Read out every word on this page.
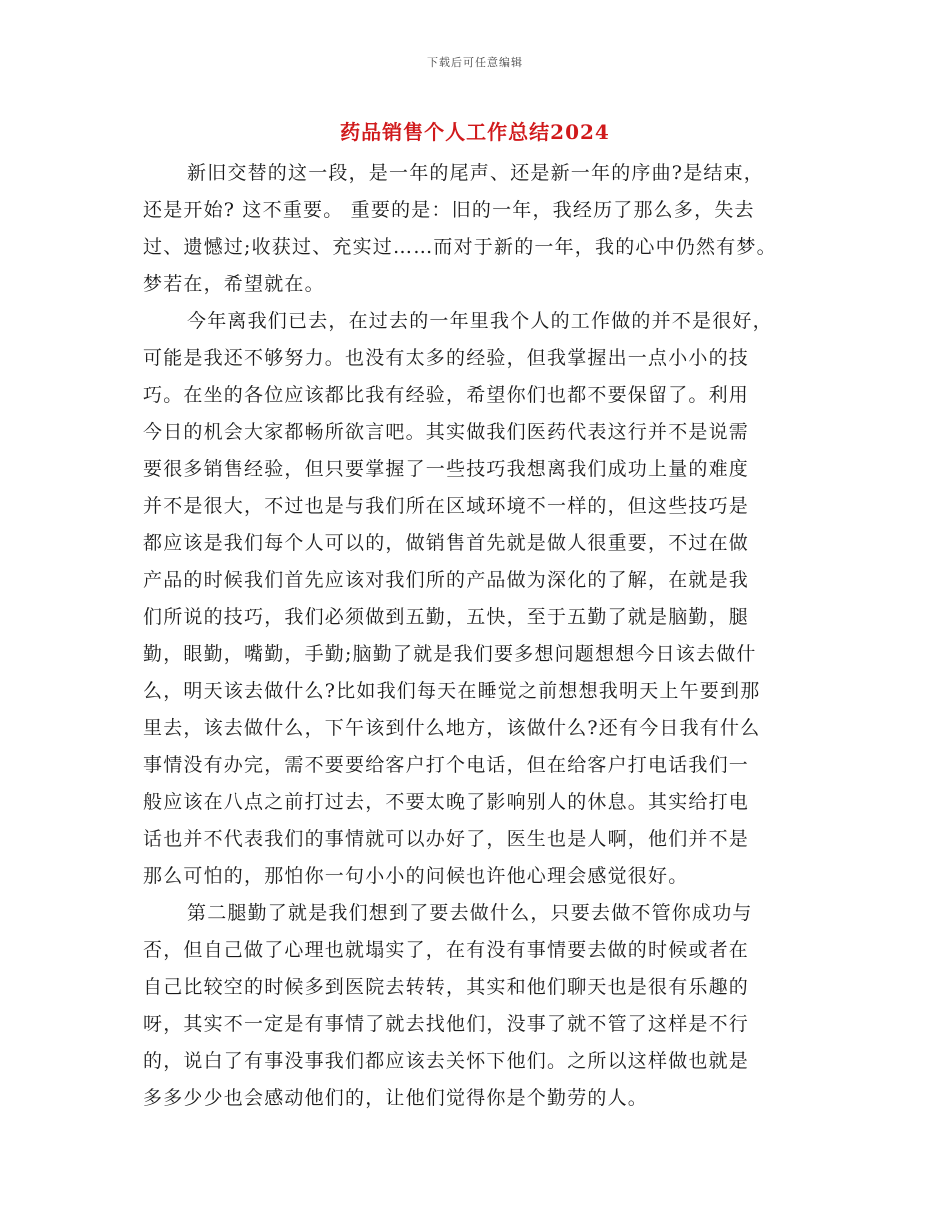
下载后可任意编辑
药品销售个人工作总结2024
新旧交替的这一段，是一年的尾声、还是新一年的序曲?是结束，
还是开始? 这不重要。 重要的是：旧的一年，我经历了那么多，失去
过、遗憾过;收获过、充实过……而对于新的一年，我的心中仍然有梦。
梦若在，希望就在。
今年离我们已去，在过去的一年里我个人的工作做的并不是很好，
可能是我还不够努力。也没有太多的经验，但我掌握出一点小小的技
巧。在坐的各位应该都比我有经验，希望你们也都不要保留了。利用
今日的机会大家都畅所欲言吧。其实做我们医药代表这行并不是说需
要很多销售经验，但只要掌握了一些技巧我想离我们成功上量的难度
并不是很大，不过也是与我们所在区域环境不一样的，但这些技巧是
都应该是我们每个人可以的，做销售首先就是做人很重要，不过在做
产品的时候我们首先应该对我们所的产品做为深化的了解，在就是我
们所说的技巧，我们必须做到五勤，五快，至于五勤了就是脑勤，腿
勤，眼勤，嘴勤，手勤;脑勤了就是我们要多想问题想想今日该去做什
么，明天该去做什么?比如我们每天在睡觉之前想想我明天上午要到那
里去，该去做什么，下午该到什么地方，该做什么?还有今日我有什么
事情没有办完，需不要要给客户打个电话，但在给客户打电话我们一
般应该在八点之前打过去，不要太晚了影响别人的休息。其实给打电
话也并不代表我们的事情就可以办好了，医生也是人啊，他们并不是
那么可怕的，那怕你一句小小的问候也许他心理会感觉很好。
第二腿勤了就是我们想到了要去做什么，只要去做不管你成功与
否，但自己做了心理也就塌实了，在有没有事情要去做的时候或者在
自己比较空的时候多到医院去转转，其实和他们聊天也是很有乐趣的
呀，其实不一定是有事情了就去找他们，没事了就不管了这样是不行
的，说白了有事没事我们都应该去关怀下他们。之所以这样做也就是
多多少少也会感动他们的，让他们觉得你是个勤劳的人。
